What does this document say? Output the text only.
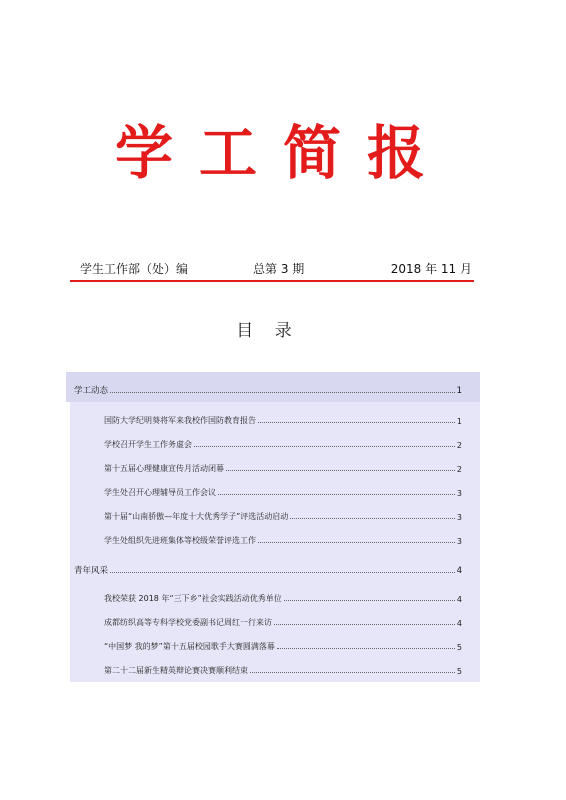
学工简报
学生工作部（处）编	总第 3 期	2018 年 11 月
目 录
学工动态	1
国防大学纪明葵将军来我校作国防教育报告	1
学校召开学生工作务虚会	2
第十五届心理健康宣传月活动闭幕	2
学生处召开心理辅导员工作会议	3
第十届“山南骄傲—年度十大优秀学子”评选活动启动	3
学生处组织先进班集体等校级荣誉评选工作	3
青年风采	4
我校荣获 2018 年“三下乡”社会实践活动优秀单位	4
成都纺织高等专科学校党委副书记周红一行来访	4
“中国梦 我的梦”第十五届校园歌手大赛圆满落幕	5
第二十二届新生精英辩论赛决赛顺利结束	5
